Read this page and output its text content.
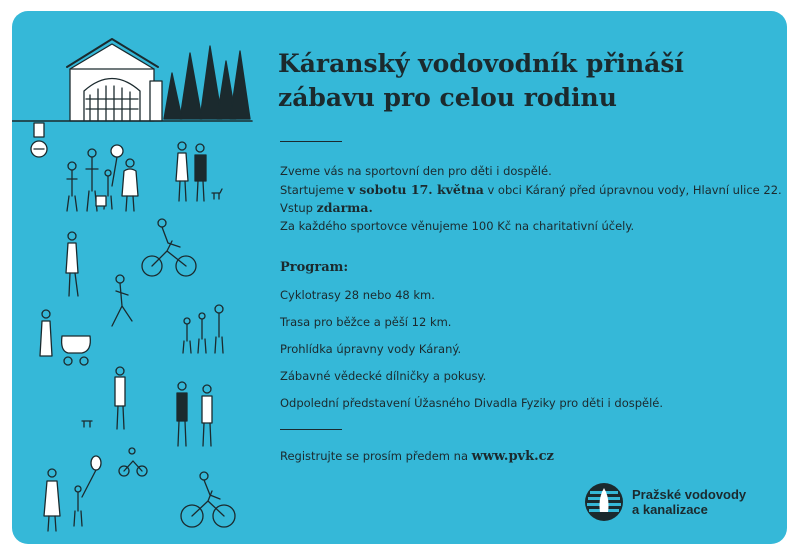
Káranský vodovodník přináší
zábavu pro celou rodinu
Zveme vás na sportovní den pro děti i dospělé.
Startujeme v sobotu 17. května v obci Káraný před úpravnou vody, Hlavní ulice 22.
Vstup zdarma.
Za každého sportovce věnujeme 100 Kč na charitativní účely.
Program:
Cyklotrasy 28 nebo 48 km.
Trasa pro běžce a pěší 12 km.
Prohlídka úpravny vody Káraný.
Zábavné vědecké dílničky a pokusy.
Odpolední představení Úžasného Divadla Fyziky pro děti i dospělé.
Registrujte se prosím předem na www.pvk.cz
Pražské vodovody
a kanalizace
